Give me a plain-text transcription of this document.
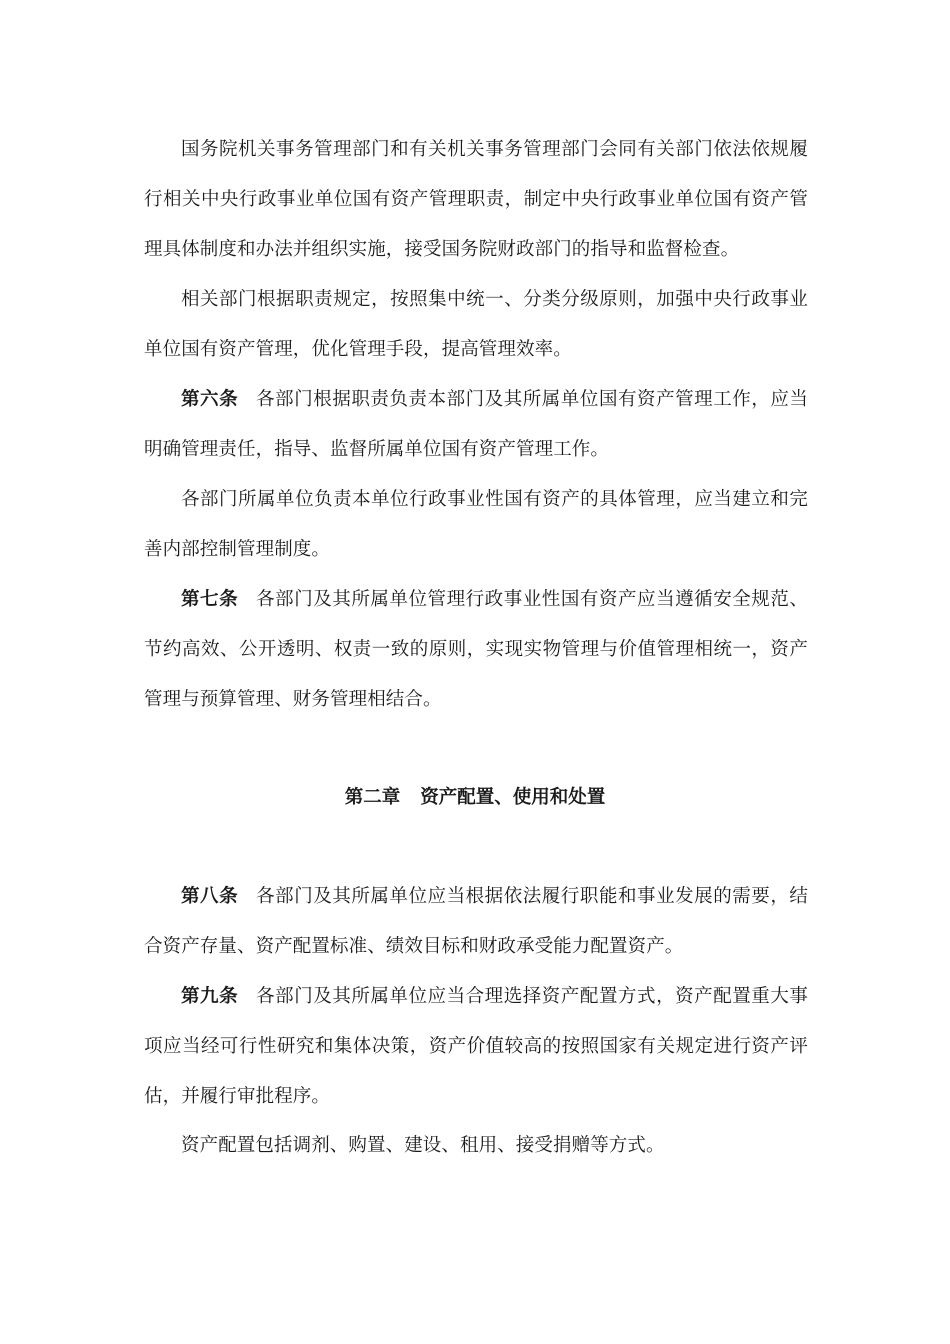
国务院机关事务管理部门和有关机关事务管理部门会同有关部门依法依规履行相关中央行政事业单位国有资产管理职责，制定中央行政事业单位国有资产管理具体制度和办法并组织实施，接受国务院财政部门的指导和监督检查。

相关部门根据职责规定，按照集中统一、分类分级原则，加强中央行政事业单位国有资产管理，优化管理手段，提高管理效率。

第六条 各部门根据职责负责本部门及其所属单位国有资产管理工作，应当明确管理责任，指导、监督所属单位国有资产管理工作。

各部门所属单位负责本单位行政事业性国有资产的具体管理，应当建立和完善内部控制管理制度。

第七条 各部门及其所属单位管理行政事业性国有资产应当遵循安全规范、节约高效、公开透明、权责一致的原则，实现实物管理与价值管理相统一，资产管理与预算管理、财务管理相结合。

第二章 资产配置、使用和处置

第八条 各部门及其所属单位应当根据依法履行职能和事业发展的需要，结合资产存量、资产配置标准、绩效目标和财政承受能力配置资产。

第九条 各部门及其所属单位应当合理选择资产配置方式，资产配置重大事项应当经可行性研究和集体决策，资产价值较高的按照国家有关规定进行资产评估，并履行审批程序。

资产配置包括调剂、购置、建设、租用、接受捐赠等方式。
